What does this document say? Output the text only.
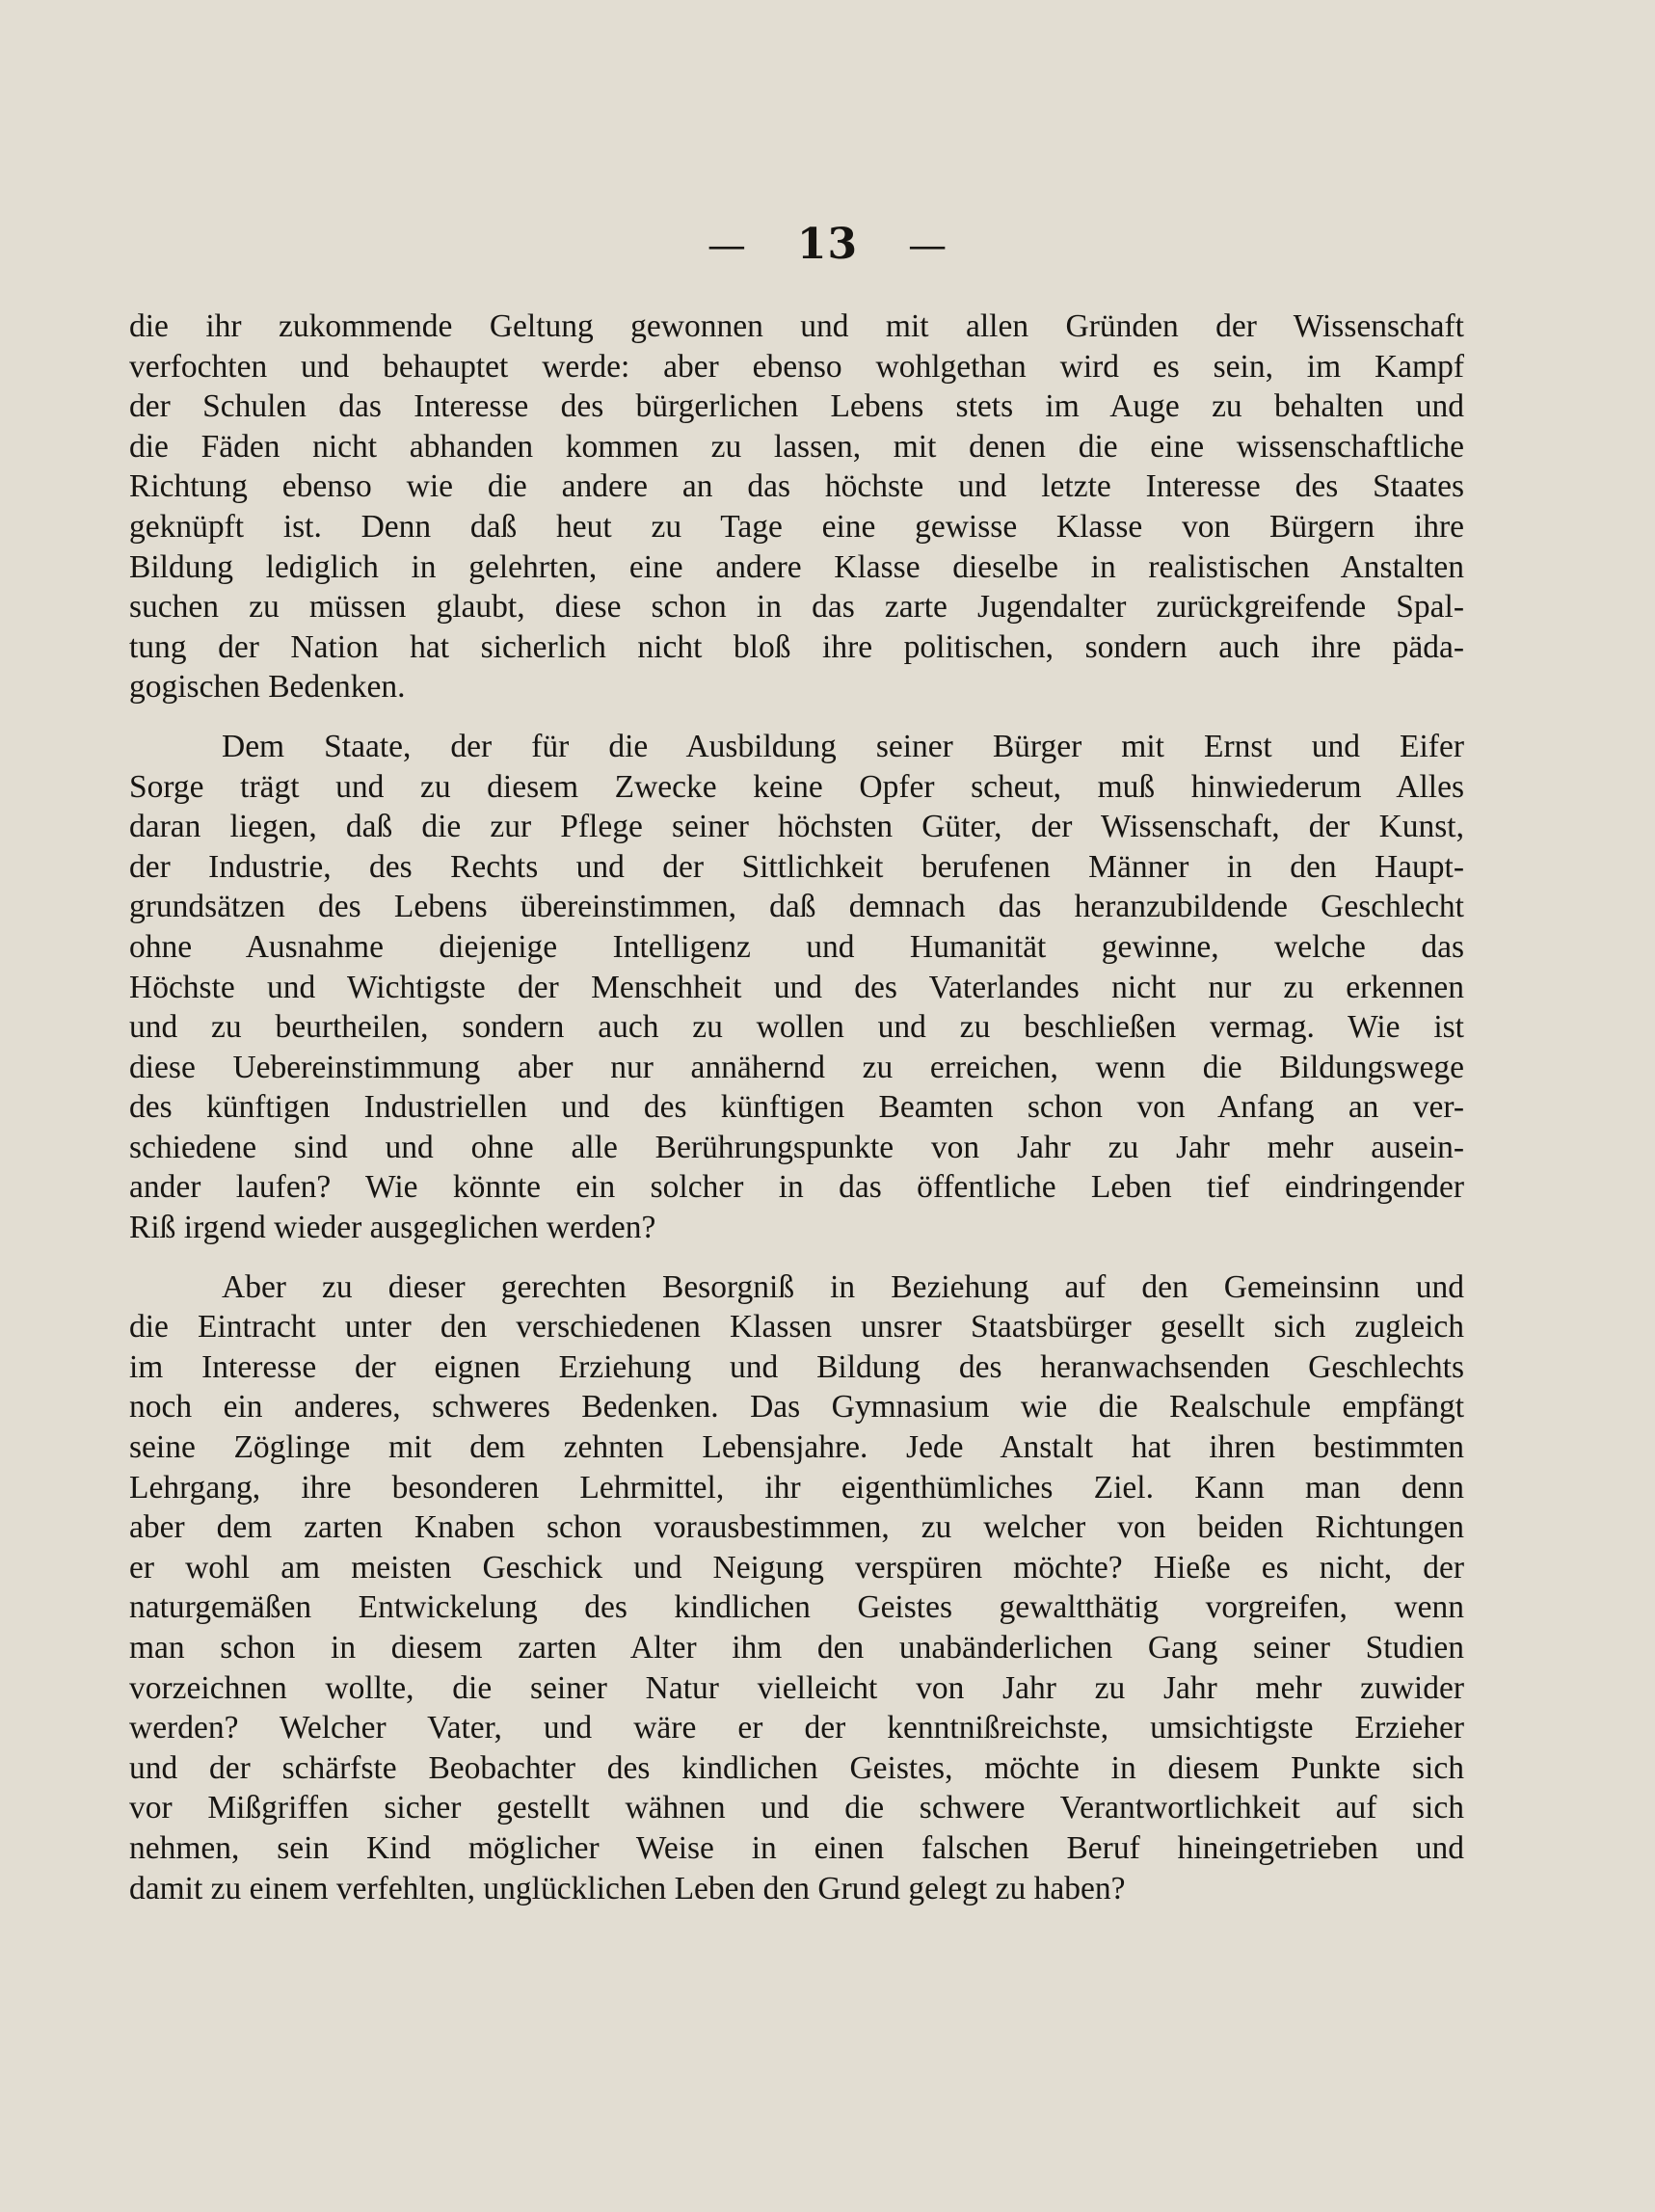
— 13 —
die ihr zukommende Geltung gewonnen und mit allen Gründen der Wissenschaft
verfochten und behauptet werde: aber ebenso wohlgethan wird es sein, im Kampf
der Schulen das Interesse des bürgerlichen Lebens stets im Auge zu behalten und
die Fäden nicht abhanden kommen zu lassen, mit denen die eine wissenschaftliche
Richtung ebenso wie die andere an das höchste und letzte Interesse des Staates
geknüpft ist. Denn daß heut zu Tage eine gewisse Klasse von Bürgern ihre
Bildung lediglich in gelehrten, eine andere Klasse dieselbe in realistischen Anstalten
suchen zu müssen glaubt, diese schon in das zarte Jugendalter zurückgreifende Spal-
tung der Nation hat sicherlich nicht bloß ihre politischen, sondern auch ihre päda-
gogischen Bedenken.
Dem Staate, der für die Ausbildung seiner Bürger mit Ernst und Eifer
Sorge trägt und zu diesem Zwecke keine Opfer scheut, muß hinwiederum Alles
daran liegen, daß die zur Pflege seiner höchsten Güter, der Wissenschaft, der Kunst,
der Industrie, des Rechts und der Sittlichkeit berufenen Männer in den Haupt-
grundsätzen des Lebens übereinstimmen, daß demnach das heranzubildende Geschlecht
ohne Ausnahme diejenige Intelligenz und Humanität gewinne, welche das
Höchste und Wichtigste der Menschheit und des Vaterlandes nicht nur zu erkennen
und zu beurtheilen, sondern auch zu wollen und zu beschließen vermag. Wie ist
diese Uebereinstimmung aber nur annähernd zu erreichen, wenn die Bildungswege
des künftigen Industriellen und des künftigen Beamten schon von Anfang an ver-
schiedene sind und ohne alle Berührungspunkte von Jahr zu Jahr mehr ausein-
ander laufen? Wie könnte ein solcher in das öffentliche Leben tief eindringender
Riß irgend wieder ausgeglichen werden?
Aber zu dieser gerechten Besorgniß in Beziehung auf den Gemeinsinn und
die Eintracht unter den verschiedenen Klassen unsrer Staatsbürger gesellt sich zugleich
im Interesse der eignen Erziehung und Bildung des heranwachsenden Geschlechts
noch ein anderes, schweres Bedenken. Das Gymnasium wie die Realschule empfängt
seine Zöglinge mit dem zehnten Lebensjahre. Jede Anstalt hat ihren bestimmten
Lehrgang, ihre besonderen Lehrmittel, ihr eigenthümliches Ziel. Kann man denn
aber dem zarten Knaben schon vorausbestimmen, zu welcher von beiden Richtungen
er wohl am meisten Geschick und Neigung verspüren möchte? Hieße es nicht, der
naturgemäßen Entwickelung des kindlichen Geistes gewaltthätig vorgreifen, wenn
man schon in diesem zarten Alter ihm den unabänderlichen Gang seiner Studien
vorzeichnen wollte, die seiner Natur vielleicht von Jahr zu Jahr mehr zuwider
werden? Welcher Vater, und wäre er der kenntnißreichste, umsichtigste Erzieher
und der schärfste Beobachter des kindlichen Geistes, möchte in diesem Punkte sich
vor Mißgriffen sicher gestellt wähnen und die schwere Verantwortlichkeit auf sich
nehmen, sein Kind möglicher Weise in einen falschen Beruf hineingetrieben und
damit zu einem verfehlten, unglücklichen Leben den Grund gelegt zu haben?
